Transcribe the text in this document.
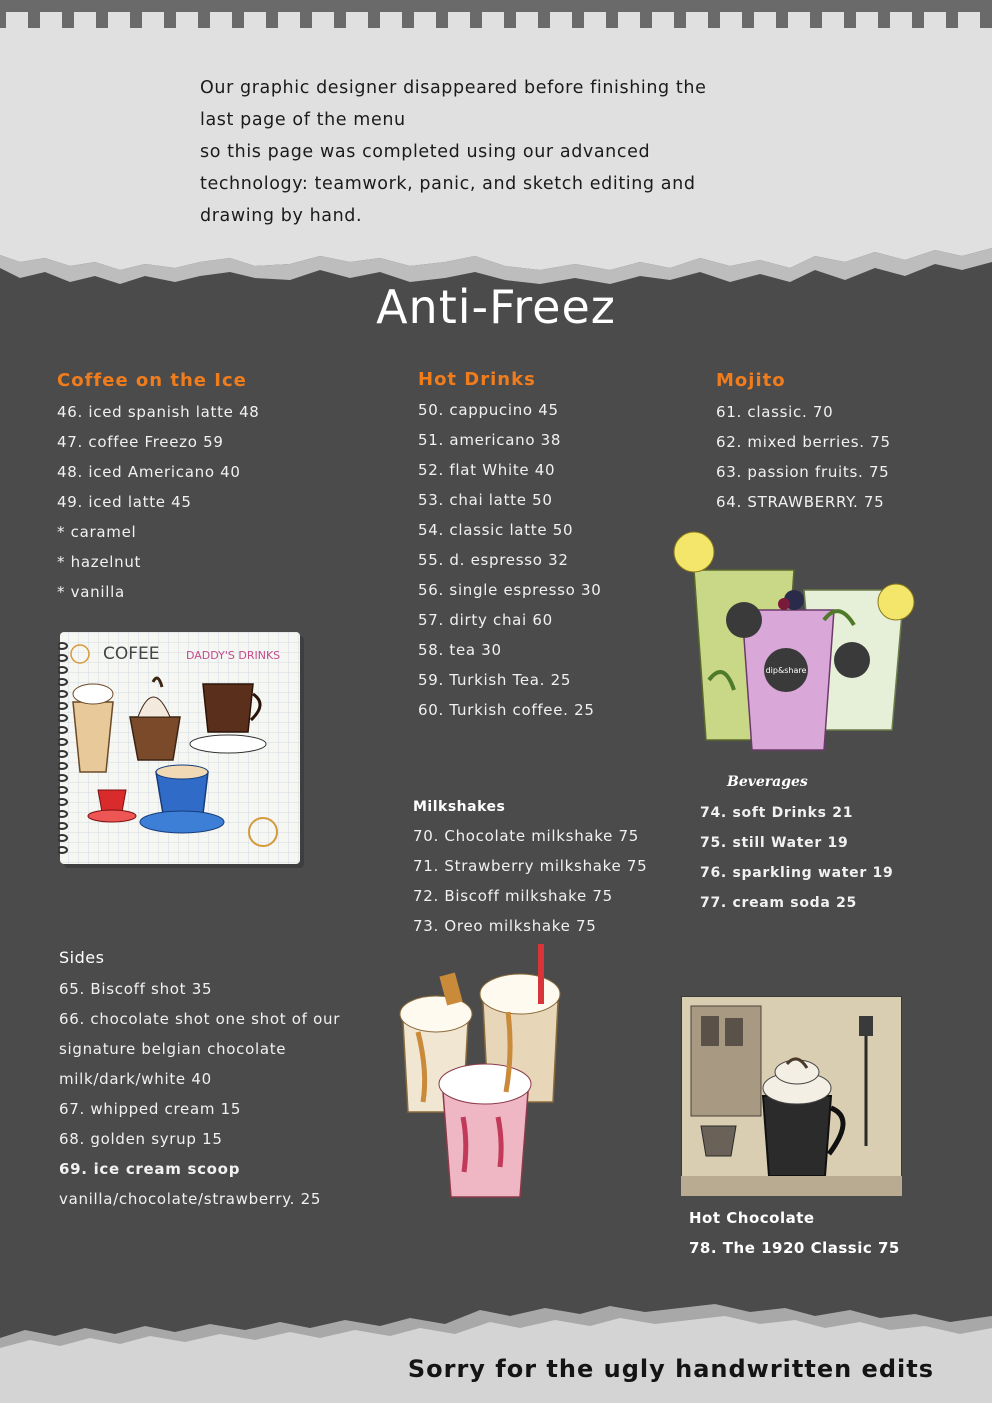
Our graphic designer disappeared before finishing the
last page of the menu
so this page was completed using our advanced
technology: teamwork, panic, and sketch editing and
drawing by hand.
Anti-Freez
Coffee on the Ice
46. iced spanish latte 48
47. coffee Freezo 59
48. iced Americano 40
49. iced latte 45
* caramel
* hazelnut
* vanilla
Hot Drinks
50. cappucino 45
51. americano 38
52. flat White 40
53. chai latte 50
54. classic latte 50
55. d. espresso 32
56. single espresso 30
57. dirty chai 60
58. tea 30
59. Turkish Tea. 25
60. Turkish coffee. 25
Mojito
61. classic. 70
62. mixed berries. 75
63. passion fruits. 75
64. STRAWBERRY. 75
COFEE DADDY'S DRINKS
dip&share
Beverages
74. soft Drinks 21
75. still Water 19
76. sparkling water 19
77. cream soda 25
Milkshakes
70. Chocolate milkshake 75
71. Strawberry milkshake 75
72. Biscoff milkshake 75
73. Oreo milkshake 75
Sides
65. Biscoff shot 35
66. chocolate shot one shot of our
signature belgian chocolate
milk/dark/white 40
67. whipped cream 15
68. golden syrup 15
69. ice cream scoop
vanilla/chocolate/strawberry. 25
Hot Chocolate
78. The 1920 Classic 75
Sorry for the ugly handwritten edits
